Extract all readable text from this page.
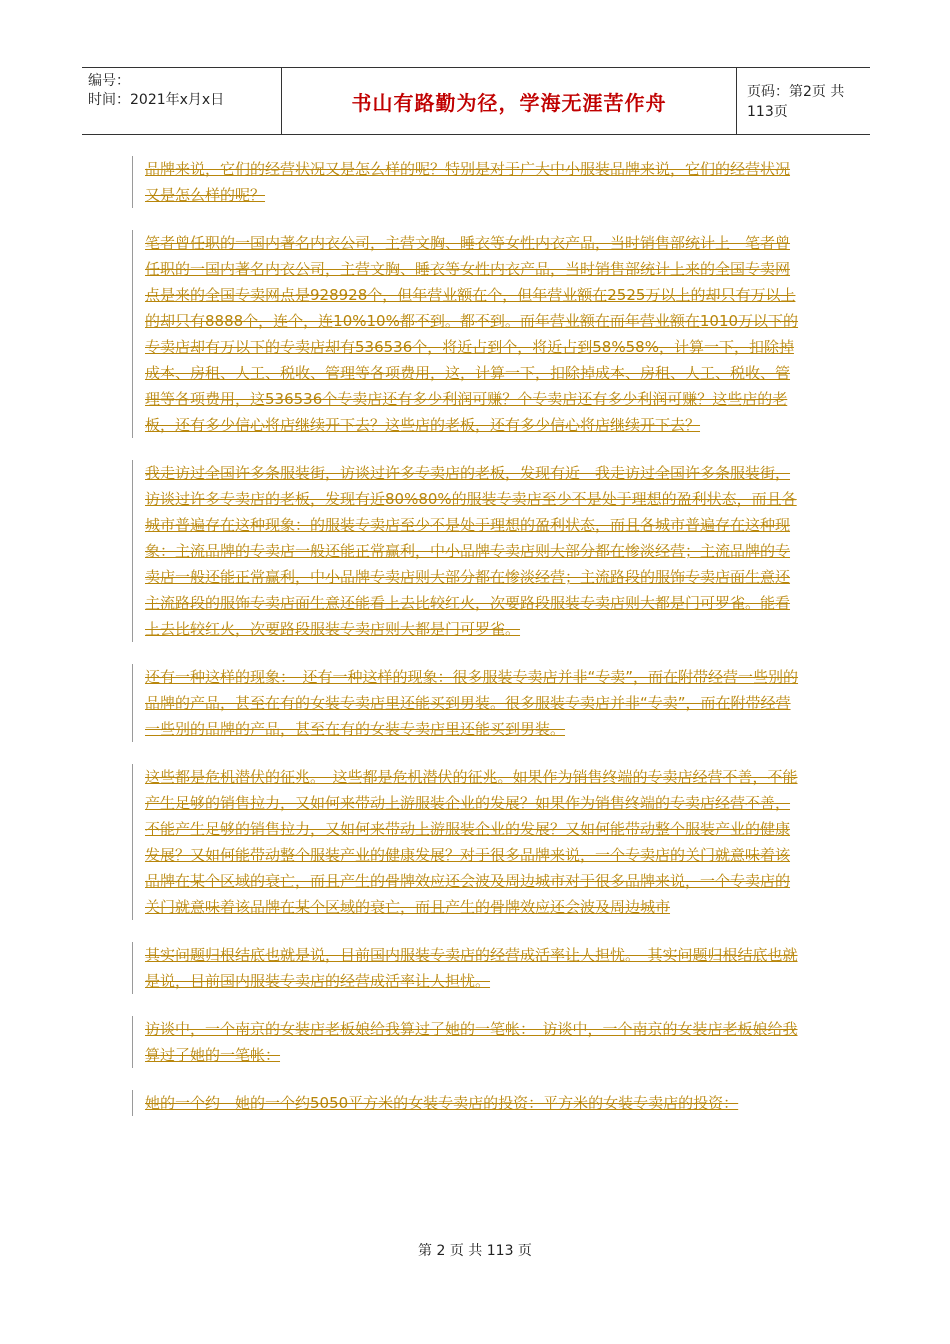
编号：
时间：2021年x月x日	书山有路勤为径，学海无涯苦作舟	页码：第2页 共113页

品牌来说，它们的经营状况又是怎么样的呢？特别是对于广大中小服装品牌来说，它们的经营状况又是怎么样的呢？

笔者曾任职的一国内著名内衣公司，主营文胸、睡衣等女性内衣产品，当时销售部统计上　笔者曾任职的一国内著名内衣公司，主营文胸、睡衣等女性内衣产品，当时销售部统计上来的全国专卖网点是来的全国专卖网点是928928个，但年营业额在个，但年营业额在2525万以上的却只有万以上的却只有8888个，连个，连10%10%都不到。都不到。而年营业额在而年营业额在1010万以下的专卖店却有万以下的专卖店却有536536个，将近占到个，将近占到58%58%，计算一下，扣除掉成本、房租、人工、税收、管理等各项费用，这，计算一下，扣除掉成本、房租、人工、税收、管理等各项费用，这536536个专卖店还有多少利润可赚？个专卖店还有多少利润可赚？这些店的老板，还有多少信心将店继续开下去？这些店的老板，还有多少信心将店继续开下去？

我走访过全国许多条服装街，访谈过许多专卖店的老板，发现有近　我走访过全国许多条服装街，访谈过许多专卖店的老板，发现有近80%80%的服装专卖店至少不是处于理想的盈利状态，而且各城市普遍存在这种现象：的服装专卖店至少不是处于理想的盈利状态，而且各城市普遍存在这种现象：主流品牌的专卖店一般还能正常赢利，中小品牌专卖店则大部分都在惨淡经营；主流品牌的专卖店一般还能正常赢利，中小品牌专卖店则大部分都在惨淡经营；主流路段的服饰专卖店面生意还主流路段的服饰专卖店面生意还能看上去比较红火，次要路段服装专卖店则大都是门可罗雀。能看上去比较红火，次要路段服装专卖店则大都是门可罗雀。

还有一种这样的现象：　还有一种这样的现象：很多服装专卖店并非“专卖”，而在附带经营一些别的品牌的产品，甚至在有的女装专卖店里还能买到男装。很多服装专卖店并非“专卖”，而在附带经营一些别的品牌的产品，甚至在有的女装专卖店里还能买到男装。

这些都是危机潜伏的征兆。　这些都是危机潜伏的征兆。如果作为销售终端的专卖店经营不善，不能产生足够的销售拉力，又如何来带动上游服装企业的发展？如果作为销售终端的专卖店经营不善，不能产生足够的销售拉力，又如何来带动上游服装企业的发展？又如何能带动整个服装产业的健康发展？又如何能带动整个服装产业的健康发展？对于很多品牌来说，一个专卖店的关门就意味着该品牌在某个区域的衰亡，而且产生的骨牌效应还会波及周边城市对于很多品牌来说，一个专卖店的关门就意味着该品牌在某个区域的衰亡，而且产生的骨牌效应还会波及周边城市

其实问题归根结底也就是说，目前国内服装专卖店的经营成活率让人担忧。　其实问题归根结底也就是说，目前国内服装专卖店的经营成活率让人担忧。

访谈中，一个南京的女装店老板娘给我算过了她的一笔帐：　访谈中，一个南京的女装店老板娘给我算过了她的一笔帐：

她的一个约　她的一个约5050平方米的女装专卖店的投资：平方米的女装专卖店的投资：

第 2 页 共 113 页
